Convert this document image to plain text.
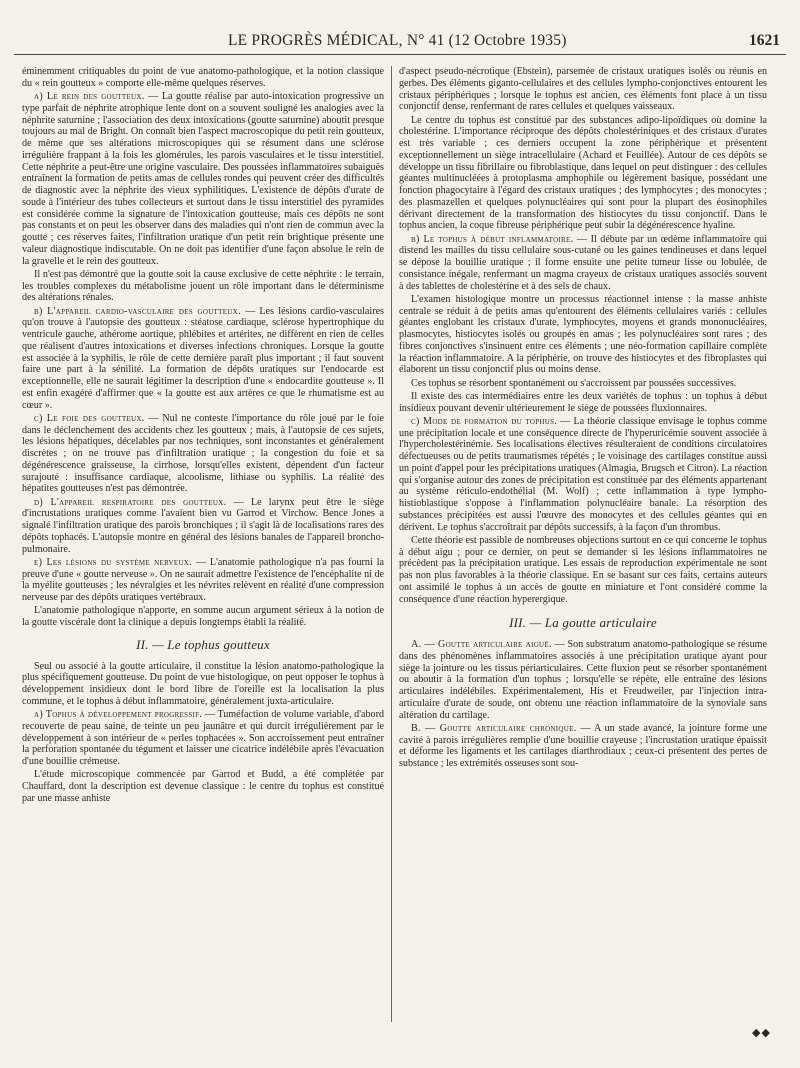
LE PROGRÈS MÉDICAL, N° 41 (12 Octobre 1935)	1621

éminemment critiquables du point de vue anatomo-pathologique, et la notion classique du « rein goutteux » comporte elle-même quelques réserves.

a) Le rein des goutteux. — La goutte réalise par auto-intoxication progressive un type parfait de néphrite atrophique lente dont on a souvent souligné les analogies avec la néphrite saturnine ; l'association des deux intoxications (goutte saturnine) aboutit presque toujours au mal de Bright. On connaît bien l'aspect macroscopique du petit rein goutteux, de même que ses altérations microscopiques qui se résument dans une sclérose irrégulière frappant à la fois les glomérules, les parois vasculaires et le tissu interstitiel. Cette néphrite a peut-être une origine vasculaire. Des poussées inflammatoires subaiguës entraînent la formation de petits amas de cellules rondes qui peuvent créer des difficultés de diagnostic avec la néphrite des vieux syphilitiques. L'existence de dépôts d'urate de soude à l'intérieur des tubes collecteurs et surtout dans le tissu interstitiel des pyramides est considérée comme la signature de l'intoxication goutteuse, mais ces dépôts ne sont pas constants et on peut les observer dans des maladies qui n'ont rien de commun avec la goutte ; ces réserves faites, l'infiltration uratique d'un petit rein brightique présente une valeur diagnostique indiscutable. On ne doit pas identifier d'une façon absolue le rein de la gravelle et le rein des goutteux.

Il n'est pas démontré que la goutte soit la cause exclusive de cette néphrite : le terrain, les troubles complexes du métabolisme jouent un rôle important dans le déterminisme des altérations rénales.

b) L'appareil cardio-vasculaire des goutteux. — Les lésions cardio-vasculaires qu'on trouve à l'autopsie des goutteux : stéatose cardiaque, sclérose hypertrophique du ventricule gauche, athérome aortique, phlébites et artérites, ne diffèrent en rien de celles que réalisent d'autres intoxications et diverses infections chroniques. Lorsque la goutte est associée à la syphilis, le rôle de cette dernière paraît plus important ; il faut souvent faire une part à la sénilité. La formation de dépôts uratiques sur l'endocarde est exceptionnelle, elle ne saurait légitimer la description d'une « endocardite goutteuse ». Il est enfin exagéré d'affirmer que « la goutte est aux artères ce que le rhumatisme est au cœur ».

c) Le foie des goutteux. — Nul ne conteste l'importance du rôle joué par le foie dans le déclenchement des accidents chez les goutteux ; mais, à l'autopsie de ces sujets, les lésions hépatiques, décelables par nos techniques, sont inconstantes et généralement discrètes ; on ne trouve pas d'infiltration uratique ; la congestion du foie et sa dégénérescence graisseuse, la cirrhose, lorsqu'elles existent, dépendent d'un facteur surajouté : insuffisance cardiaque, alcoolisme, lithiase ou syphilis. La réalité des hépatites goutteuses n'est pas démontrée.

d) L'appareil respiratoire des goutteux. — Le larynx peut être le siège d'incrustations uratiques comme l'avaient bien vu Garrod et Virchow. Bence Jones a signalé l'infiltration uratique des parois bronchiques ; il s'agit là de localisations rares des dépôts tophacés. L'autopsie montre en général des lésions banales de l'appareil broncho-pulmonaire.

e) Les lésions du système nerveux. — L'anatomie pathologique n'a pas fourni la preuve d'une « goutte nerveuse ». On ne saurait admettre l'existence de l'encéphalite ni de la myélite goutteuses ; les névralgies et les névrites relèvent en réalité d'une compression nerveuse par des dépôts uratiques vertébraux.

L'anatomie pathologique n'apporte, en somme aucun argument sérieux à la notion de la goutte viscérale dont la clinique a depuis longtemps établi la réalité.

II. — Le tophus goutteux

Seul ou associé à la goutte articulaire, il constitue la lésion anatomo-pathologique la plus spécifiquement goutteuse. Du point de vue histologique, on peut opposer le tophus à développement insidieux dont le bord libre de l'oreille est la localisation la plus commune, et le tophus à début inflammatoire, généralement juxta-articulaire.

a) Tophus à développement progressif. — Tuméfaction de volume variable, d'abord recouverte de peau saine, de teinte un peu jaunâtre et qui durcit irrégulièrement par le développement à son intérieur de « perles tophacées ». Son accroissement peut entraîner la perforation spontanée du tégument et laisser une cicatrice indélébile après l'évacuation d'une bouillie crémeuse.

L'étude microscopique commencée par Garrod et Budd, a été complétée par Chauffard, dont la description est devenue classique : le centre du tophus est constitué par une masse anhiste

d'aspect pseudo-nécrotique (Ebstein), parsemée de cristaux uratiques isolés ou réunis en gerbes. Des éléments giganto-cellulaires et des cellules lympho-conjonctives entourent les cristaux périphériques ; lorsque le tophus est ancien, ces éléments font place à un tissu conjonctif dense, renfermant de rares cellules et quelques vaisseaux.

Le centre du tophus est constitué par des substances adipo-lipoïdiques où domine la cholestérine. L'importance réciproque des dépôts cholestériniques et des cristaux d'urates est très variable ; ces derniers occupent la zone périphérique et présentent exceptionnellement un siège intracellulaire (Achard et Feuillée). Autour de ces dépôts se développe un tissu fibrillaire ou fibroblastique, dans lequel on peut distinguer : des cellules géantes multinucléées à protoplasma amphophile ou légèrement basique, possédant une fonction phagocytaire à l'égard des cristaux uratiques ; des lymphocytes ; des monocytes ; des plasmazellen et quelques polynucléaires qui sont pour la plupart des éosinophiles dérivant directement de la transformation des histiocytes du tissu conjonctif. Dans le tophus ancien, la coque fibreuse périphérique peut subir la dégénérescence hyaline.

b) Le tophus à début inflammatoire. — Il débute par un œdème inflammatoire qui distend les mailles du tissu cellulaire sous-cutané ou les gaines tendineuses et dans lequel se dépose la bouillie uratique ; il forme ensuite une petite tumeur lisse ou lobulée, de consistance inégale, renfermant un magma crayeux de cristaux uratiques associés souvent à des tablettes de cholestérine et à des sels de chaux.

L'examen histologique montre un processus réactionnel intense : la masse anhiste centrale se réduit à de petits amas qu'entourent des éléments cellulaires variés : cellules géantes englobant les cristaux d'urate, lymphocytes, moyens et grands mononucléaires, plasmocytes, histiocytes isolés ou groupés en amas ; les polynucléaires sont rares ; des fibres conjonctives s'insinuent entre ces éléments ; une néo-formation capillaire complète la réaction inflammatoire. A la périphérie, on trouve des histiocytes et des fibroplastes qui élaborent un tissu conjonctif plus ou moins dense.

Ces tophus se résorbent spontanément ou s'accroissent par poussées successives.

Il existe des cas intermédiaires entre les deux variétés de tophus : un tophus à début insidieux pouvant devenir ultérieurement le siège de poussées fluxionnaires.

c) Mode de formation du tophus. — La théorie classique envisage le tophus comme une précipitation locale et une conséquence directe de l'hyperuricémie souvent associée à l'hypercholestérinémie. Ses localisations électives résulteraient de conditions circulatoires défectueuses ou de petits traumatismes répétés ; le voisinage des cartilages constitue aussi un point d'appel pour les précipitations uratiques (Almagia, Brugsch et Citron). La réaction qui s'organise autour des zones de précipitation est constituée par des éléments appartenant au système réticulo-endothélial (M. Wolf) ; cette inflammation à type lympho-histioblastique s'oppose à l'inflammation polynucléaire banale. La résorption des substances précipitées est aussi l'œuvre des monocytes et des cellules géantes qui en dérivent. Le tophus s'accroîtrait par dépôts successifs, à la façon d'un thrombus.

Cette théorie est passible de nombreuses objections surtout en ce qui concerne le tophus à début aigu ; pour ce dernier, on peut se demander si les lésions inflammatoires ne précèdent pas la précipitation uratique. Les essais de reproduction expérimentale ne sont pas non plus favorables à la théorie classique. En se basant sur ces faits, certains auteurs ont assimilé le tophus à un accès de goutte en miniature et l'ont considéré comme la conséquence d'une réaction hyperergique.

III. — La goutte articulaire

A. — Goutte articulaire aiguë. — Son substratum anatomo-pathologique se résume dans des phénomènes inflammatoires associés à une précipitation uratique ayant pour siège la jointure ou les tissus périarticulaires. Cette fluxion peut se résorber spontanément ou aboutir à la formation d'un tophus ; lorsqu'elle se répète, elle entraîne des lésions articulaires indélébiles. Expérimentalement, His et Freudweiler, par l'injection intra-articulaire d'urate de soude, ont obtenu une réaction inflammatoire de la synoviale sans altération du cartilage.

B. — Goutte articulaire chronique. — A un stade avancé, la jointure forme une cavité à parois irrégulières remplie d'une bouillie crayeuse ; l'incrustation uratique épaissit et déforme les ligaments et les cartilages diarthrodiaux ; ceux-ci présentent des pertes de substance ; les extrémités osseuses sont sou-

◆◆
